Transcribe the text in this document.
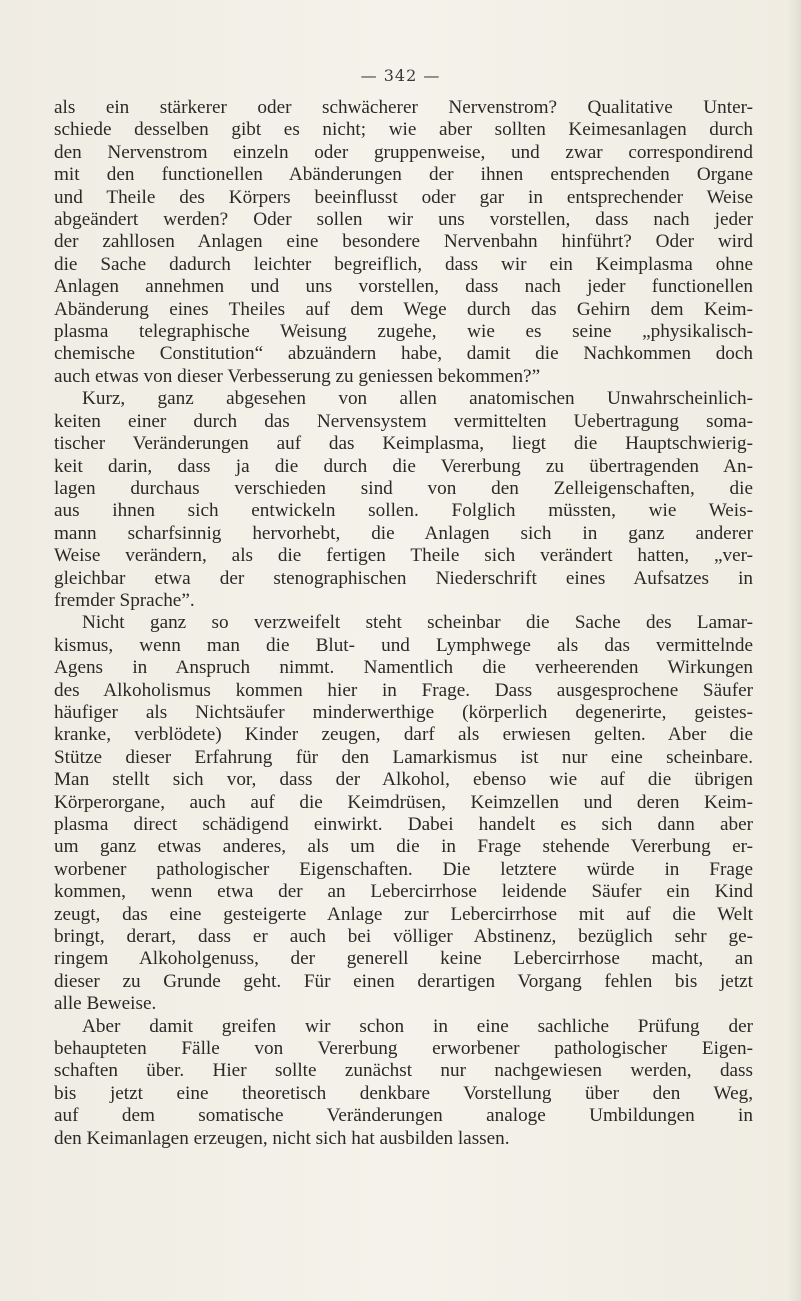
— 342 —

als ein stärkerer oder schwächerer Nervenstrom? Qualitative Unter-
schiede desselben gibt es nicht; wie aber sollten Keimesanlagen durch
den Nervenstrom einzeln oder gruppenweise, und zwar correspondirend
mit den functionellen Abänderungen der ihnen entsprechenden Organe
und Theile des Körpers beeinflusst oder gar in entsprechender Weise
abgeändert werden? Oder sollen wir uns vorstellen, dass nach jeder
der zahllosen Anlagen eine besondere Nervenbahn hinführt? Oder wird
die Sache dadurch leichter begreiflich, dass wir ein Keimplasma ohne
Anlagen annehmen und uns vorstellen, dass nach jeder functionellen
Abänderung eines Theiles auf dem Wege durch das Gehirn dem Keim-
plasma telegraphische Weisung zugehe, wie es seine „physikalisch-
chemische Constitution“ abzuändern habe, damit die Nachkommen doch
auch etwas von dieser Verbesserung zu geniessen bekommen?”

Kurz, ganz abgesehen von allen anatomischen Unwahrscheinlich-
keiten einer durch das Nervensystem vermittelten Uebertragung soma-
tischer Veränderungen auf das Keimplasma, liegt die Hauptschwierig-
keit darin, dass ja die durch die Vererbung zu übertragenden An-
lagen durchaus verschieden sind von den Zelleigenschaften, die
aus ihnen sich entwickeln sollen. Folglich müssten, wie Weis-
mann scharfsinnig hervorhebt, die Anlagen sich in ganz anderer
Weise verändern, als die fertigen Theile sich verändert hatten, „ver-
gleichbar etwa der stenographischen Niederschrift eines Aufsatzes in
fremder Sprache”.

Nicht ganz so verzweifelt steht scheinbar die Sache des Lamar-
kismus, wenn man die Blut- und Lymphwege als das vermittelnde
Agens in Anspruch nimmt. Namentlich die verheerenden Wirkungen
des Alkoholismus kommen hier in Frage. Dass ausgesprochene Säufer
häufiger als Nichtsäufer minderwerthige (körperlich degenerirte, geistes-
kranke, verblödete) Kinder zeugen, darf als erwiesen gelten. Aber die
Stütze dieser Erfahrung für den Lamarkismus ist nur eine scheinbare.
Man stellt sich vor, dass der Alkohol, ebenso wie auf die übrigen
Körperorgane, auch auf die Keimdrüsen, Keimzellen und deren Keim-
plasma direct schädigend einwirkt. Dabei handelt es sich dann aber
um ganz etwas anderes, als um die in Frage stehende Vererbung er-
worbener pathologischer Eigenschaften. Die letztere würde in Frage
kommen, wenn etwa der an Lebercirrhose leidende Säufer ein Kind
zeugt, das eine gesteigerte Anlage zur Lebercirrhose mit auf die Welt
bringt, derart, dass er auch bei völliger Abstinenz, bezüglich sehr ge-
ringem Alkoholgenuss, der generell keine Lebercirrhose macht, an
dieser zu Grunde geht. Für einen derartigen Vorgang fehlen bis jetzt
alle Beweise.

Aber damit greifen wir schon in eine sachliche Prüfung der
behaupteten Fälle von Vererbung erworbener pathologischer Eigen-
schaften über. Hier sollte zunächst nur nachgewiesen werden, dass
bis jetzt eine theoretisch denkbare Vorstellung über den Weg,
auf dem somatische Veränderungen analoge Umbildungen in
den Keimanlagen erzeugen, nicht sich hat ausbilden lassen.
